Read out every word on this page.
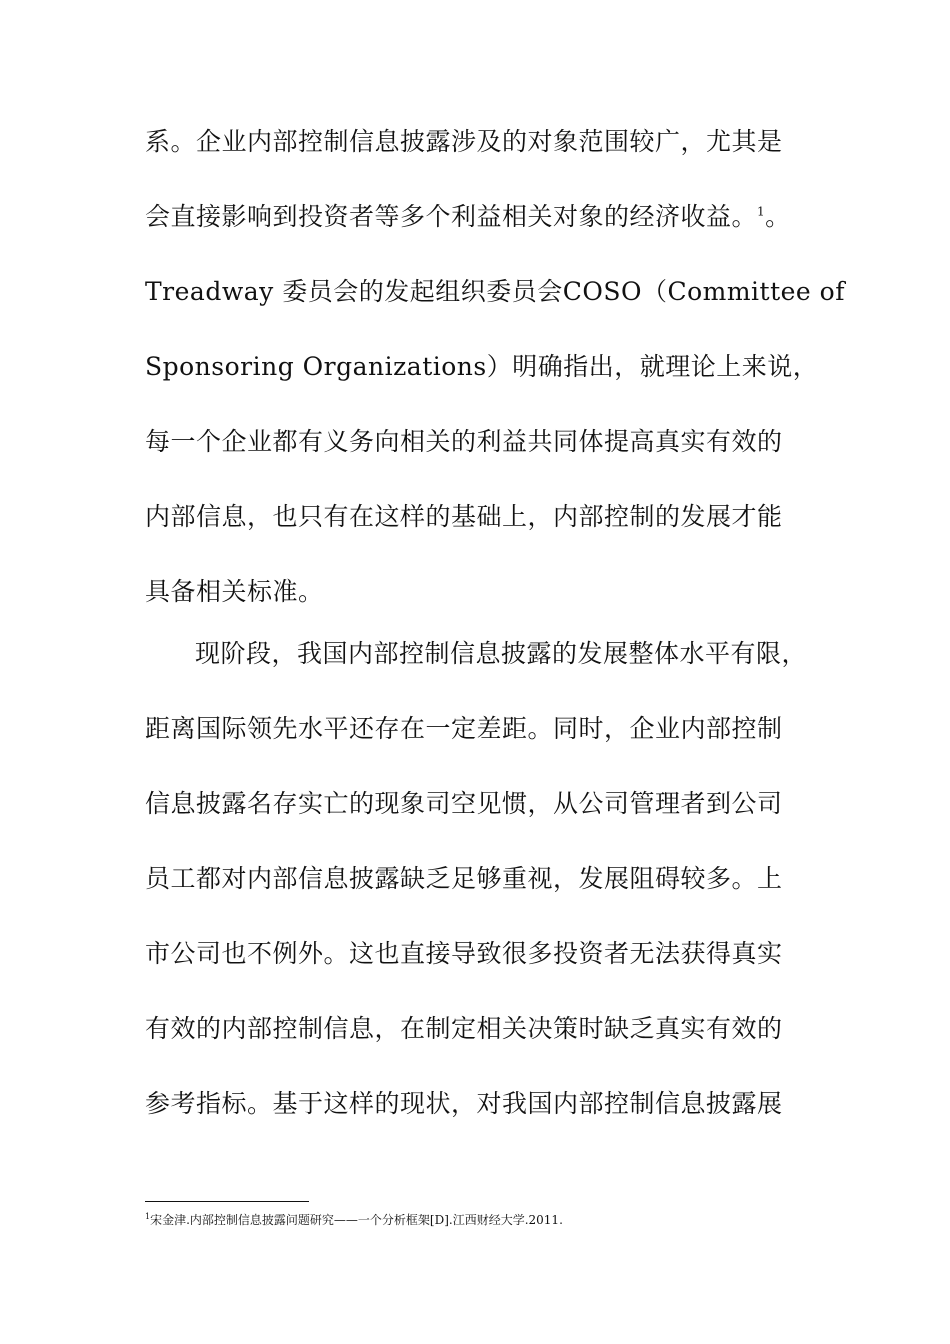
系。企业内部控制信息披露涉及的对象范围较广，尤其是
会直接影响到投资者等多个利益相关对象的经济收益。$^1$。
Treadway 委员会的发起组织委员会COSO（Committee of
Sponsoring Organizations）明确指出，就理论上来说，
每一个企业都有义务向相关的利益共同体提高真实有效的
内部信息，也只有在这样的基础上，内部控制的发展才能
具备相关标准。
现阶段，我国内部控制信息披露的发展整体水平有限，
距离国际领先水平还存在一定差距。同时，企业内部控制
信息披露名存实亡的现象司空见惯，从公司管理者到公司
员工都对内部信息披露缺乏足够重视，发展阻碍较多。上
市公司也不例外。这也直接导致很多投资者无法获得真实
有效的内部控制信息，在制定相关决策时缺乏真实有效的
参考指标。基于这样的现状，对我国内部控制信息披露展
$^1$宋金津.内部控制信息披露问题研究——一个分析框架[D].江西财经大学.2011.
